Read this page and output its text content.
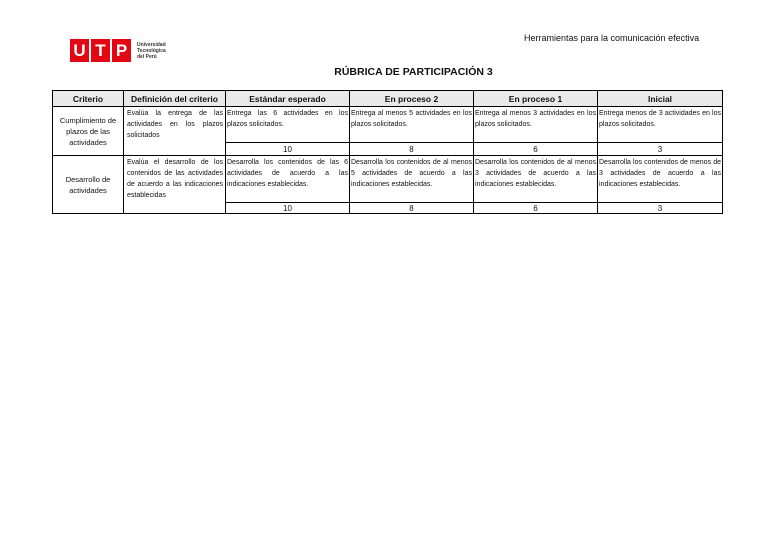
U T P	Universidad Tecnológica del Perú
Herramientas para la comunicación efectiva
RÚBRICA DE PARTICIPACIÓN 3
Criterio	Definición del criterio	Estándar esperado	En proceso 2	En proceso 1	Inicial
Cumplimiento de plazos de las actividades	Evalúa la entrega de las actividades en los plazos solicitados	Entrega las 6 actividades en los plazos solicitados.	Entrega al menos 5 actividades en los plazos solicitados.	Entrega al menos 3 actividades en los plazos solicitados.	Entrega menos de 3 actividades en los plazos solicitados.
		10	8	6	3
Desarrollo de actividades	Evalúa el desarrollo de los contenidos de las actividades de acuerdo a las indicaciones establecidas	Desarrolla los contenidos de las 6 actividades de acuerdo a las indicaciones establecidas.	Desarrolla los contenidos de al menos 5 actividades de acuerdo a las indicaciones establecidas.	Desarrolla los contenidos de al menos 3 actividades de acuerdo a las indicaciones establecidas.	Desarrolla los contenidos de menos de 3 actividades de acuerdo a las indicaciones establecidas.
		10	8	6	3
